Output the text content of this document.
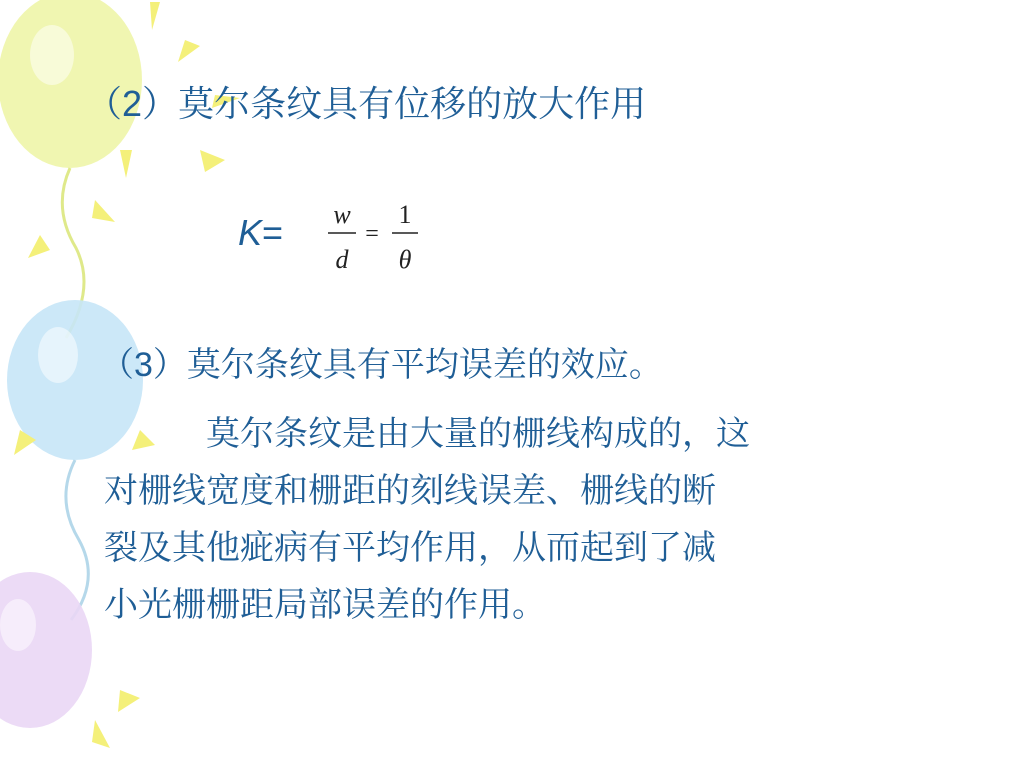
（2）莫尔条纹具有位移的放大作用
K= w
d
=
1
θ
（3）莫尔条纹具有平均误差的效应。

莫尔条纹是由大量的栅线构成的，这

对栅线宽度和栅距的刻线误差、栅线的断

裂及其他疵病有平均作用，从而起到了减

小光栅栅距局部误差的作用。
